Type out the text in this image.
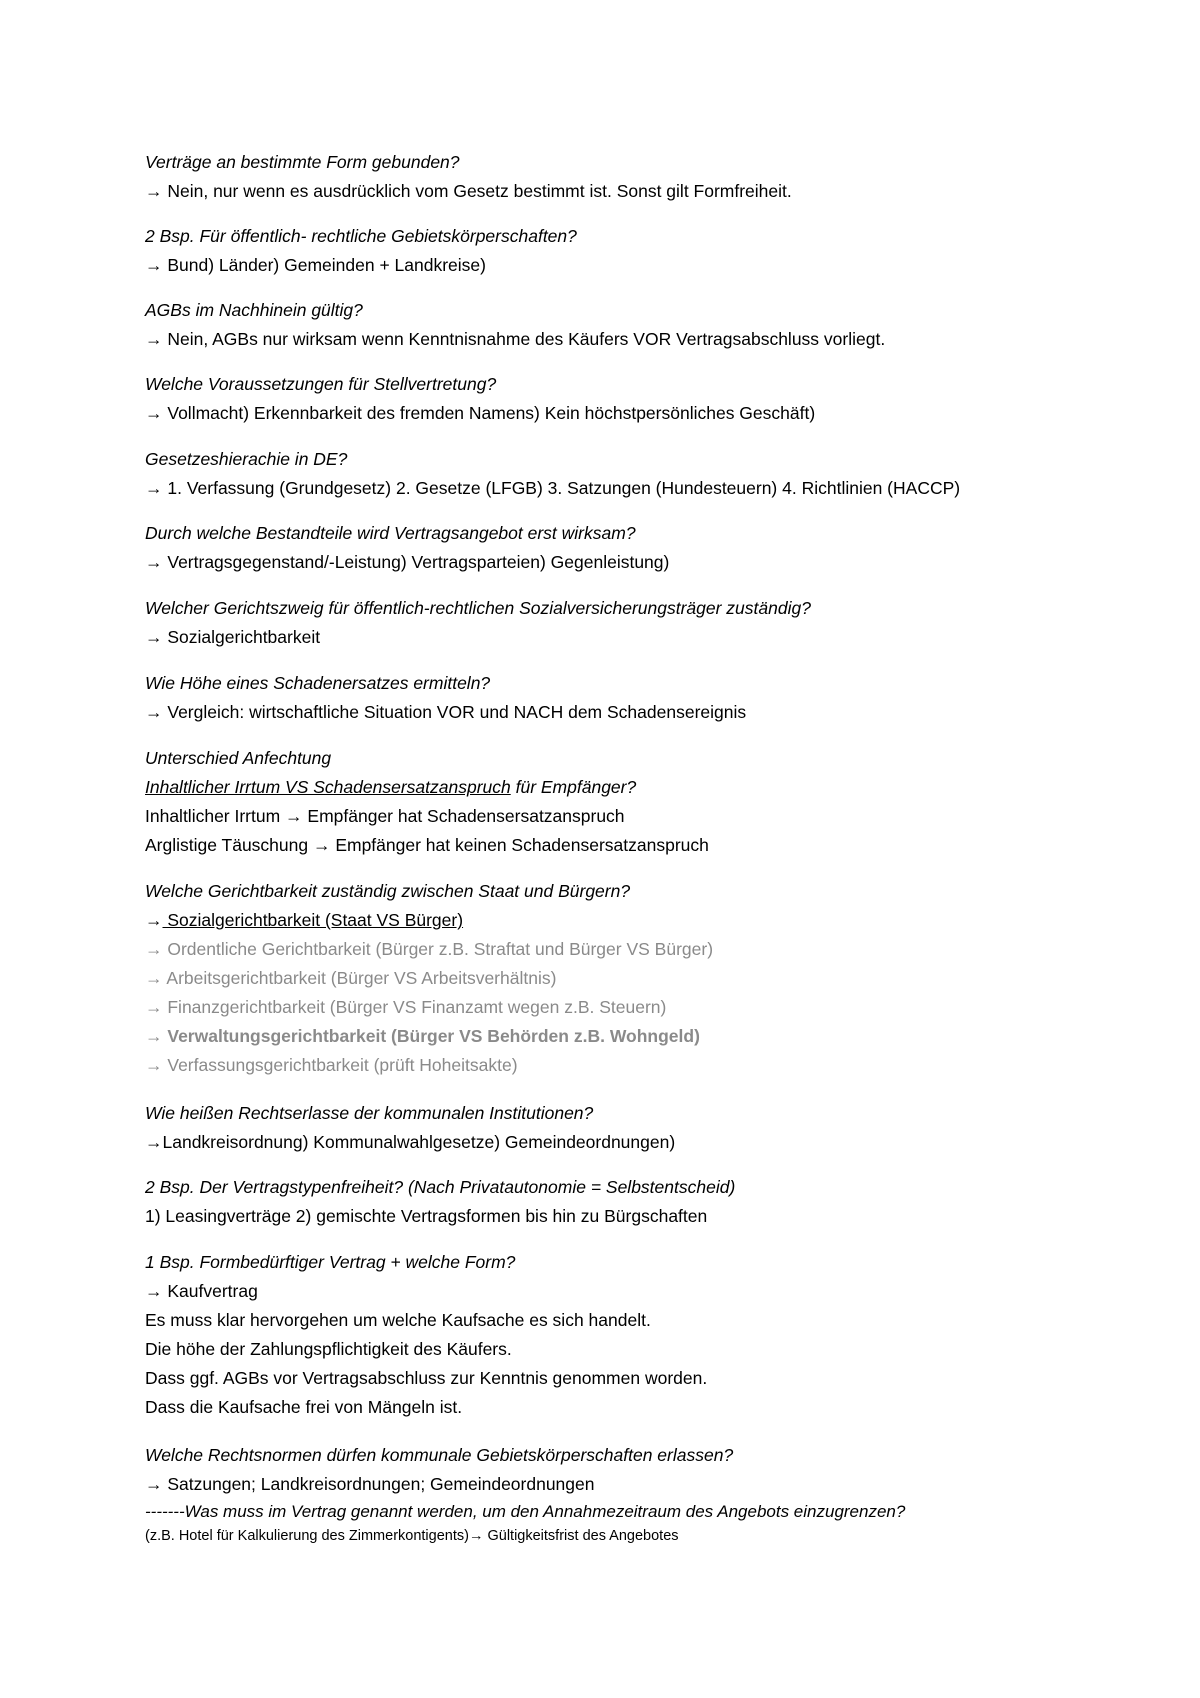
Verträge an bestimmte Form gebunden?
→ Nein, nur wenn es ausdrücklich vom Gesetz bestimmt ist. Sonst gilt Formfreiheit.
2 Bsp. Für öffentlich- rechtliche Gebietskörperschaften?
→ Bund) Länder) Gemeinden + Landkreise)
AGBs im Nachhinein gültig?
→ Nein, AGBs nur wirksam wenn Kenntnisnahme des Käufers VOR Vertragsabschluss vorliegt.
Welche Voraussetzungen für Stellvertretung?
→ Vollmacht) Erkennbarkeit des fremden Namens) Kein höchstpersönliches Geschäft)
Gesetzeshierachie in DE?
→ 1. Verfassung (Grundgesetz) 2. Gesetze (LFGB) 3. Satzungen (Hundesteuern) 4. Richtlinien (HACCP)
Durch welche Bestandteile wird Vertragsangebot erst wirksam?
→ Vertragsgegenstand/-Leistung) Vertragsparteien) Gegenleistung)
Welcher Gerichtszweig für öffentlich-rechtlichen Sozialversicherungsträger zuständig?
→ Sozialgerichtbarkeit
Wie Höhe eines Schadenersatzes ermitteln?
→ Vergleich: wirtschaftliche Situation VOR und NACH dem Schadensereignis
Unterschied Anfechtung
Inhaltlicher Irrtum VS Schadensersatzanspruch für Empfänger?
Inhaltlicher Irrtum → Empfänger hat Schadensersatzanspruch
Arglistige Täuschung → Empfänger hat keinen Schadensersatzanspruch
Welche Gerichtbarkeit zuständig zwischen Staat und Bürgern?
→ Sozialgerichtbarkeit (Staat VS Bürger)
→ Ordentliche Gerichtbarkeit (Bürger z.B. Straftat und Bürger VS Bürger)
→ Arbeitsgerichtbarkeit (Bürger VS Arbeitsverhältnis)
→ Finanzgerichtbarkeit (Bürger VS Finanzamt wegen z.B. Steuern)
→ Verwaltungsgerichtbarkeit (Bürger VS Behörden z.B. Wohngeld)
→ Verfassungsgerichtbarkeit (prüft Hoheitsakte)
Wie heißen Rechtserlasse der kommunalen Institutionen?
→Landkreisordnung) Kommunalwahlgesetze) Gemeindeordnungen)
2 Bsp. Der Vertragstypenfreiheit? (Nach Privatautonomie = Selbstentscheid)
1) Leasingverträge 2) gemischte Vertragsformen bis hin zu Bürgschaften
1 Bsp. Formbedürftiger Vertrag + welche Form?
→ Kaufvertrag
Es muss klar hervorgehen um welche Kaufsache es sich handelt.
Die höhe der Zahlungspflichtigkeit des Käufers.
Dass ggf. AGBs vor Vertragsabschluss zur Kenntnis genommen worden.
Dass die Kaufsache frei von Mängeln ist.
Welche Rechtsnormen dürfen kommunale Gebietskörperschaften erlassen?
→ Satzungen; Landkreisordnungen; Gemeindeordnungen
-------Was muss im Vertrag genannt werden, um den Annahmezeitraum des Angebots einzugrenzen?
(z.B. Hotel für Kalkulierung des Zimmerkontigents)→ Gültigkeitsfrist des Angebotes
